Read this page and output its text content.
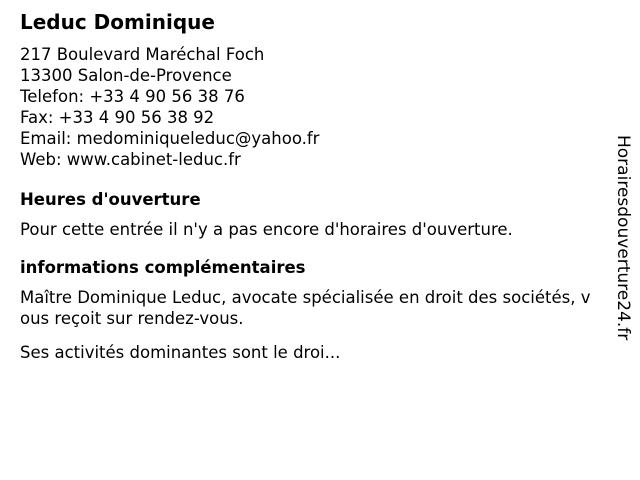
Leduc Dominique
217 Boulevard Maréchal Foch
13300 Salon-de-Provence
Telefon: +33 4 90 56 38 76
Fax: +33 4 90 56 38 92
Email: medominiqueleduc@yahoo.fr
Web: www.cabinet-leduc.fr
Heures d'ouverture

Pour cette entrée il n'y a pas encore d'horaires d'ouverture.

informations complémentaires

Maître Dominique Leduc, avocate spécialisée en droit des sociétés, vous reçoit sur rendez-vous.

Ses activités dominantes sont le droi...

Horairesdouverture24.fr
